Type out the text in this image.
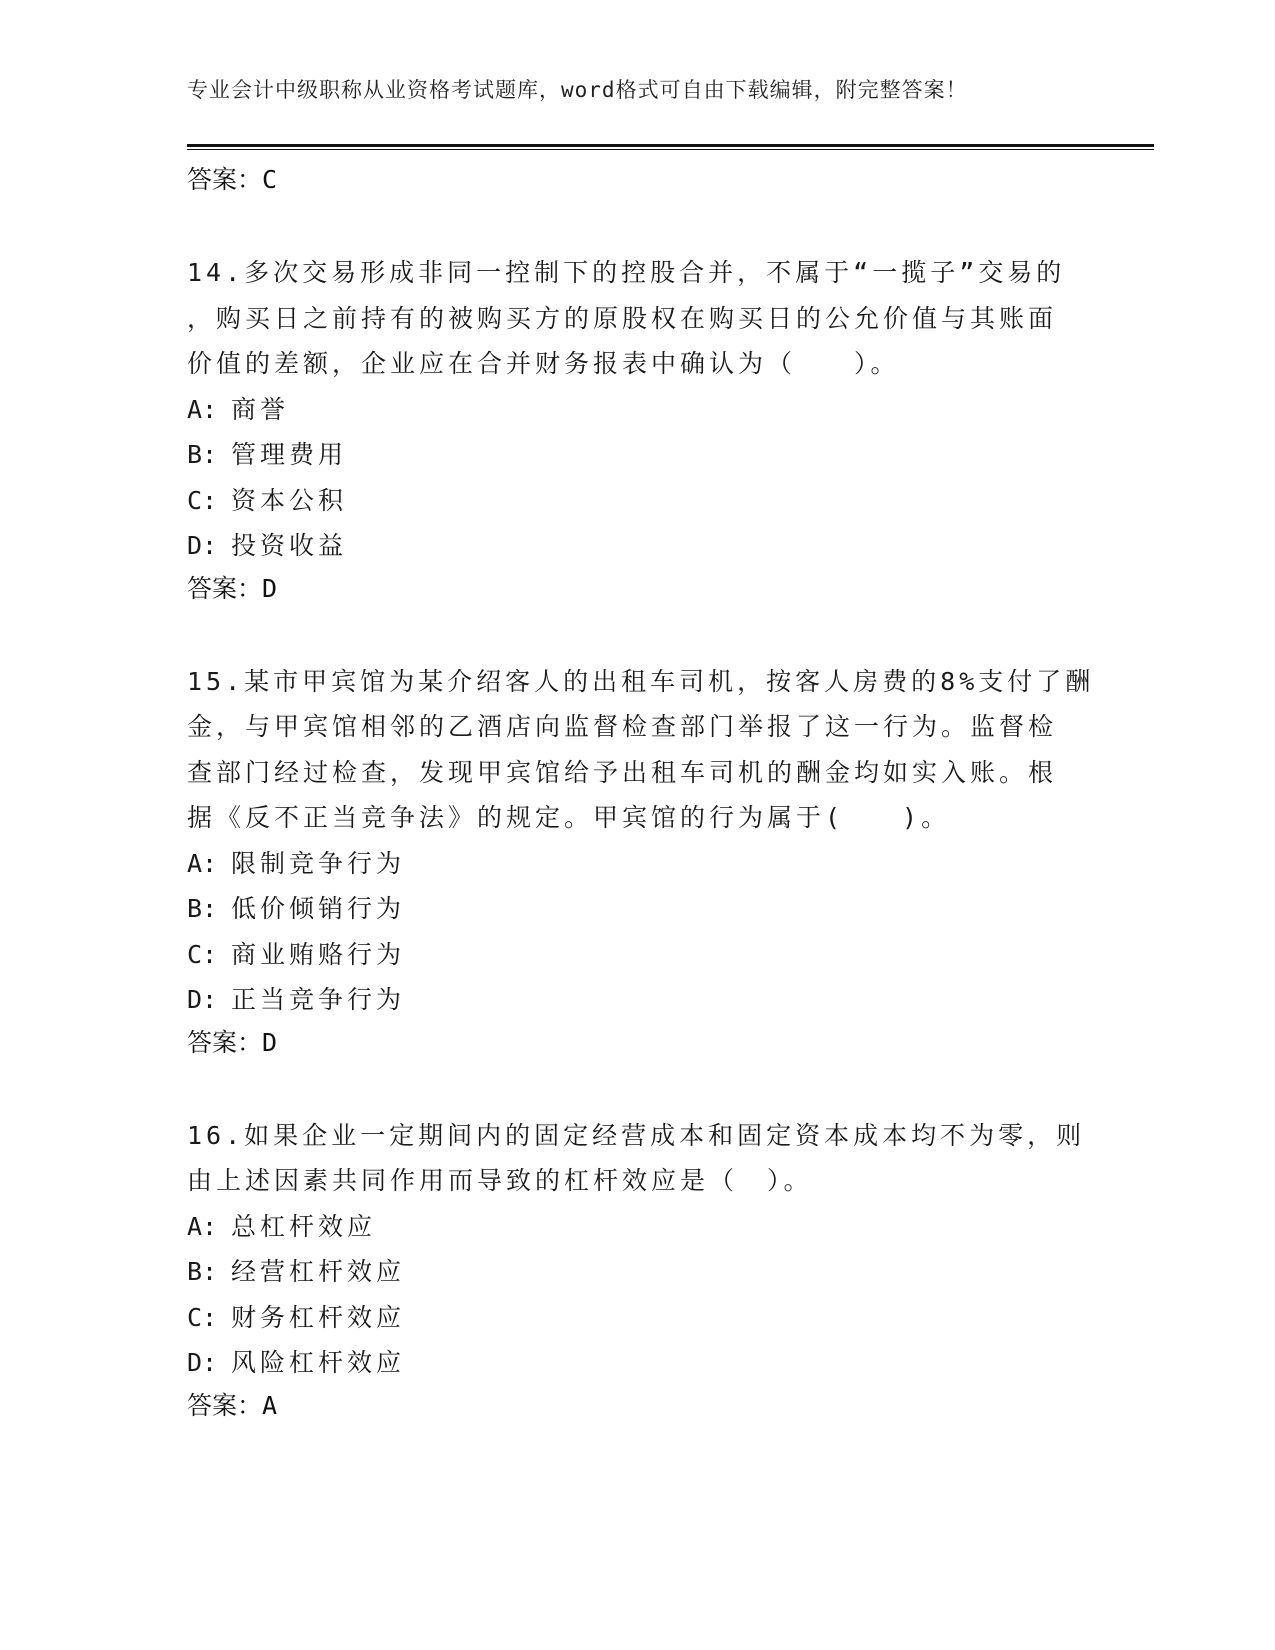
专业会计中级职称从业资格考试题库，word格式可自由下载编辑，附完整答案！
答案：C
14.多次交易形成非同一控制下的控股合并，不属于“一揽子”交易的
，购买日之前持有的被购买方的原股权在购买日的公允价值与其账面
价值的差额，企业应在合并财务报表中确认为（　　）。
A: 商誉
B: 管理费用
C: 资本公积
D: 投资收益
答案：D
15.某市甲宾馆为某介绍客人的出租车司机，按客人房费的8%支付了酬
金，与甲宾馆相邻的乙酒店向监督检查部门举报了这一行为。监督检
查部门经过检查，发现甲宾馆给予出租车司机的酬金均如实入账。根
据《反不正当竞争法》的规定。甲宾馆的行为属于(　　)。
A: 限制竞争行为
B: 低价倾销行为
C: 商业贿赂行为
D: 正当竞争行为
答案：D
16.如果企业一定期间内的固定经营成本和固定资本成本均不为零，则
由上述因素共同作用而导致的杠杆效应是（　）。
A: 总杠杆效应
B: 经营杠杆效应
C: 财务杠杆效应
D: 风险杠杆效应
答案：A
